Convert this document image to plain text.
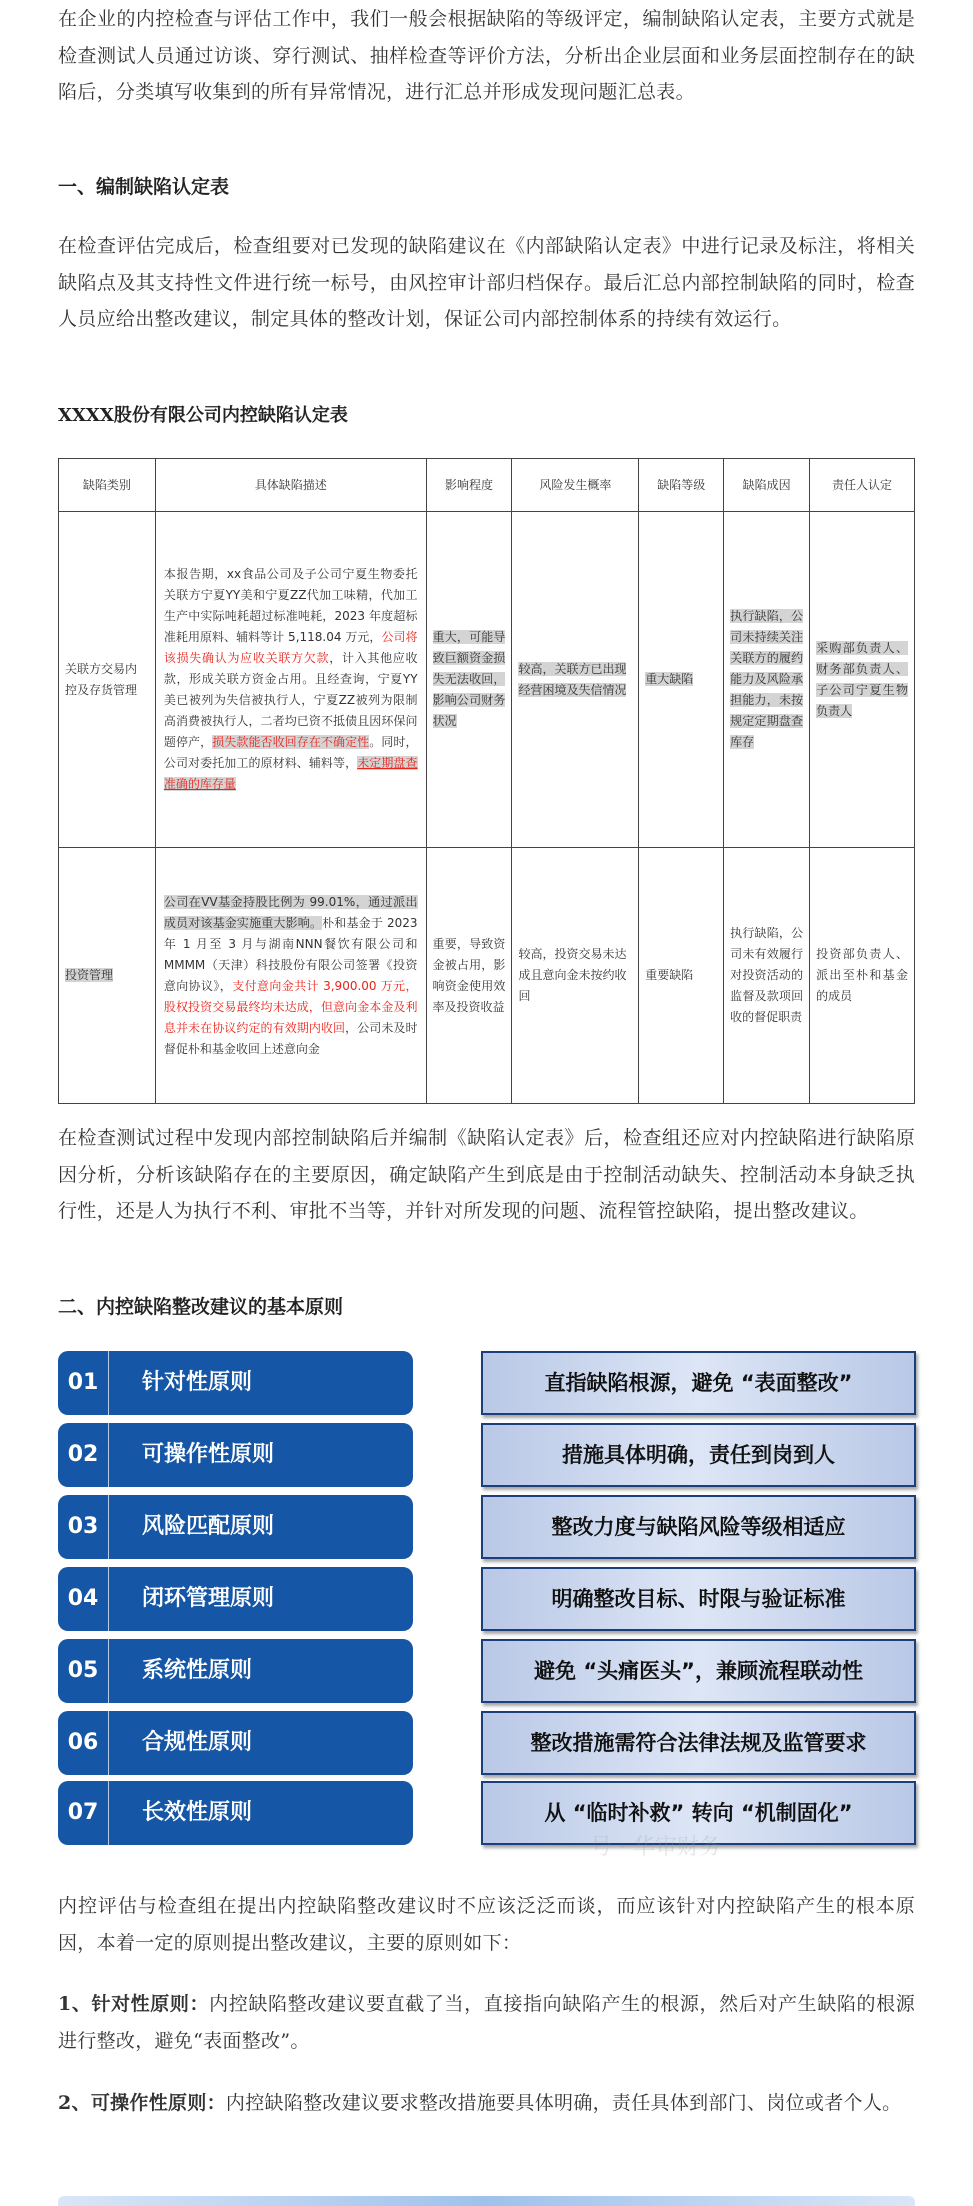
在企业的内控检查与评估工作中，我们一般会根据缺陷的等级评定，编制缺陷认定表，主要方式就是检查测试人员通过访谈、穿行测试、抽样检查等评价方法，分析出企业层面和业务层面控制存在的缺陷后，分类填写收集到的所有异常情况，进行汇总并形成发现问题汇总表。

一、编制缺陷认定表

在检查评估完成后，检查组要对已发现的缺陷建议在《内部缺陷认定表》中进行记录及标注，将相关缺陷点及其支持性文件进行统一标号，由风控审计部归档保存。最后汇总内部控制缺陷的同时，检查人员应给出整改建议，制定具体的整改计划，保证公司内部控制体系的持续有效运行。

XXXX股份有限公司内控缺陷认定表
缺陷类别	具体缺陷描述	影响程度	风险发生概率	缺陷等级	缺陷成因	责任人认定
关联方交易内控及存货管理	本报告期，xx食品公司及子公司宁夏生物委托关联方宁夏YY美和宁夏ZZ代加工味精，代加工生产中实际吨耗超过标准吨耗，2023 年度超标准耗用原料、辅料等计 5,118.04 万元，公司将该损失确认为应收关联方欠款，计入其他应收款，形成关联方资金占用。且经查询，宁夏YY美已被列为失信被执行人，宁夏ZZ被列为限制高消费被执行人，二者均已资不抵债且因环保问题停产，损失款能否收回存在不确定性。同时，公司对委托加工的原材料、辅料等，未定期盘查准确的库存量	重大，可能导致巨额资金损失无法收回，影响公司财务状况	较高，关联方已出现经营困境及失信情况	重大缺陷	执行缺陷，公司未持续关注关联方的履约能力及风险承担能力，未按规定定期盘查库存	采购部负责人、财务部负责人、子公司宁夏生物负责人
投资管理	公司在VV基金持股比例为 99.01%，通过派出成员对该基金实施重大影响。朴和基金于 2023 年 1 月至 3 月与湖南NNN餐饮有限公司和MMMM（天津）科技股份有限公司签署《投资意向协议》，支付意向金共计 3,900.00 万元，股权投资交易最终均未达成，但意向金本金及利息并未在协议约定的有效期内收回，公司未及时督促朴和基金收回上述意向金	重要，导致资金被占用，影响资金使用效率及投资收益	较高，投资交易未达成且意向金未按约收回	重要缺陷	执行缺陷，公司未有效履行对投资活动的监督及款项回收的督促职责	投资部负责人、派出至朴和基金的成员

在检查测试过程中发现内部控制缺陷后并编制《缺陷认定表》后，检查组还应对内控缺陷进行缺陷原因分析，分析该缺陷存在的主要原因，确定缺陷产生到底是由于控制活动缺失、控制活动本身缺乏执行性，还是人为执行不利、审批不当等，并针对所发现的问题、流程管控缺陷，提出整改建议。

二、内控缺陷整改建议的基本原则
01	针对性原则	直指缺陷根源，避免 “表面整改”
02	可操作性原则	措施具体明确，责任到岗到人
03	风险匹配原则	整改力度与缺陷风险等级相适应
04	闭环管理原则	明确整改目标、时限与验证标准
05	系统性原则	避免 “头痛医头”，兼顾流程联动性
06	合规性原则	整改措施需符合法律法规及监管要求
07	长效性原则	从 “临时补救” 转向 “机制固化”

内控评估与检查组在提出内控缺陷整改建议时不应该泛泛而谈，而应该针对内控缺陷产生的根本原因，本着一定的原则提出整改建议，主要的原则如下：

1、针对性原则：内控缺陷整改建议要直截了当，直接指向缺陷产生的根源，然后对产生缺陷的根源进行整改，避免“表面整改”。

2、可操作性原则：内控缺陷整改建议要求整改措施要具体明确，责任具体到部门、岗位或者个人。

号 · 华审财务
